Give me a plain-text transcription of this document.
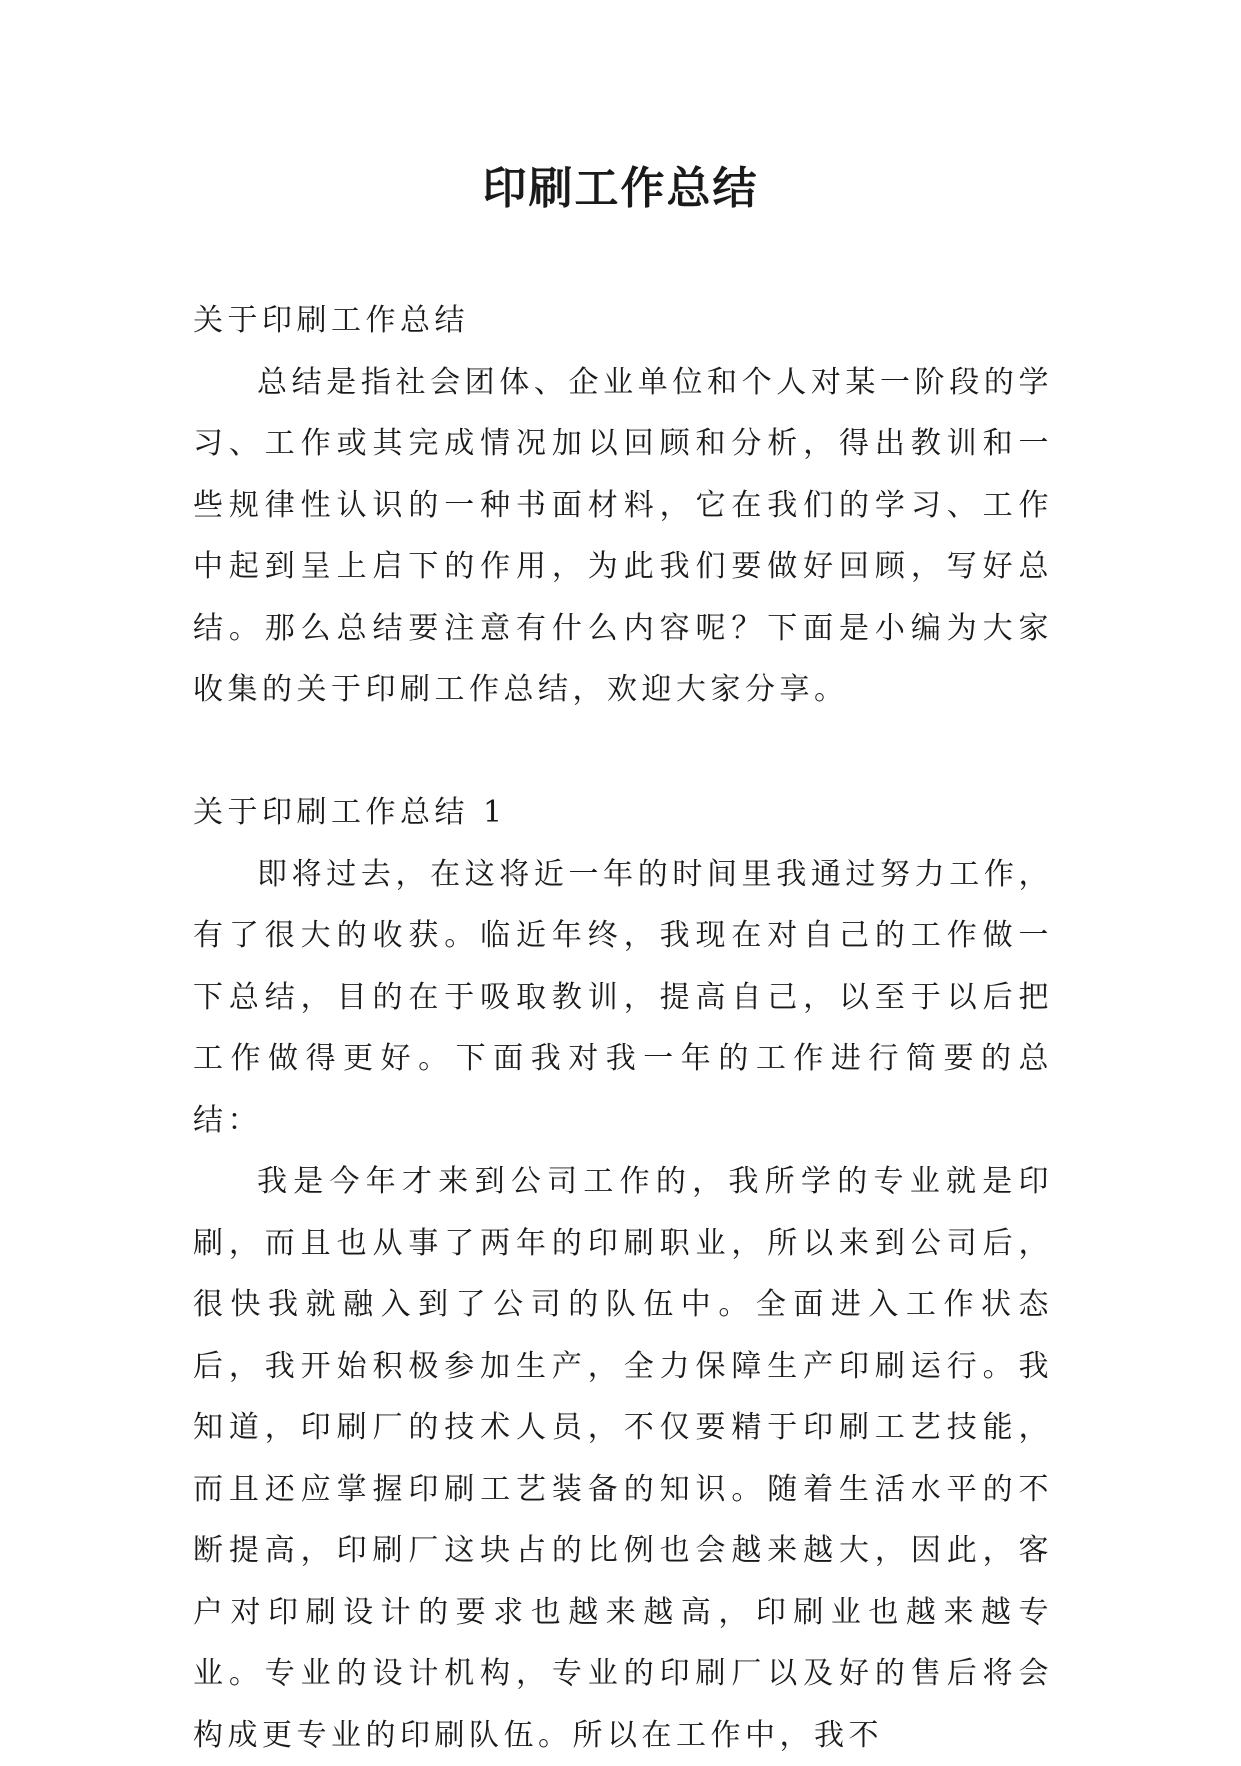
印刷工作总结

关于印刷工作总结

总结是指社会团体、企业单位和个人对某一阶段的学习、工作或其完成情况加以回顾和分析，得出教训和一些规律性认识的一种书面材料，它在我们的学习、工作中起到呈上启下的作用，为此我们要做好回顾，写好总结。那么总结要注意有什么内容呢？下面是小编为大家收集的关于印刷工作总结，欢迎大家分享。

关于印刷工作总结 1

即将过去，在这将近一年的时间里我通过努力工作，有了很大的收获。临近年终，我现在对自己的工作做一下总结，目的在于吸取教训，提高自己，以至于以后把工作做得更好。下面我对我一年的工作进行简要的总结：

我是今年才来到公司工作的，我所学的专业就是印刷，而且也从事了两年的印刷职业，所以来到公司后，很快我就融入到了公司的队伍中。全面进入工作状态后，我开始积极参加生产，全力保障生产印刷运行。我知道，印刷厂的技术人员，不仅要精于印刷工艺技能，而且还应掌握印刷工艺装备的知识。随着生活水平的不断提高，印刷厂这块占的比例也会越来越大，因此，客户对印刷设计的要求也越来越高，印刷业也越来越专业。专业的设计机构，专业的印刷厂以及好的售后将会构成更专业的印刷队伍。所以在工作中，我不
